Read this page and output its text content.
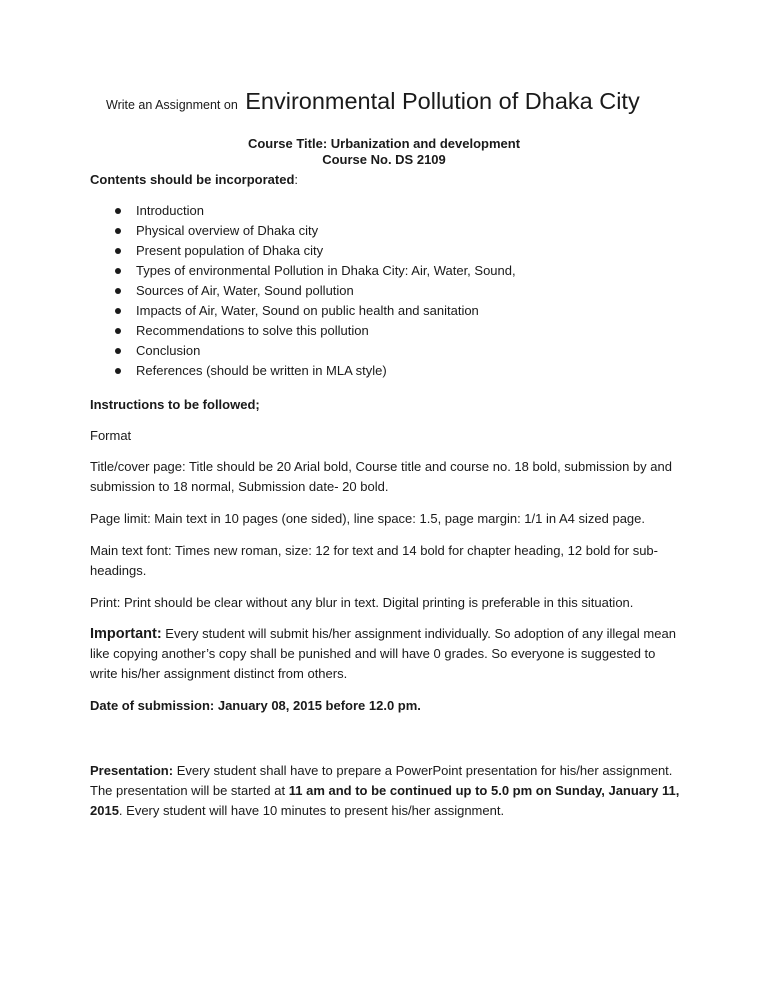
Write an Assignment on Environmental Pollution of Dhaka City
Course Title: Urbanization and development
Course No. DS 2109

Contents should be incorporated:

Introduction
Physical overview of Dhaka city
Present population of Dhaka city
Types of environmental Pollution in Dhaka City: Air, Water, Sound,
Sources of Air, Water, Sound pollution
Impacts of Air, Water, Sound on public health and sanitation
Recommendations to solve this pollution
Conclusion
References (should be written in MLA style)

Instructions to be followed;

Format

Title/cover page: Title should be 20 Arial bold, Course title and course no. 18 bold, submission by and submission to 18 normal, Submission date- 20 bold.

Page limit: Main text in 10 pages (one sided), line space: 1.5, page margin: 1/1 in A4 sized page.

Main text font: Times new roman, size: 12 for text and 14 bold for chapter heading, 12 bold for sub-headings.

Print: Print should be clear without any blur in text. Digital printing is preferable in this situation.

Important: Every student will submit his/her assignment individually. So adoption of any illegal mean like copying another’s copy shall be punished and will have 0 grades. So everyone is suggested to write his/her assignment distinct from others.

Date of submission: January 08, 2015 before 12.0 pm.

Presentation: Every student shall have to prepare a PowerPoint presentation for his/her assignment. The presentation will be started at 11 am and to be continued up to 5.0 pm on Sunday, January 11, 2015. Every student will have 10 minutes to present his/her assignment.
